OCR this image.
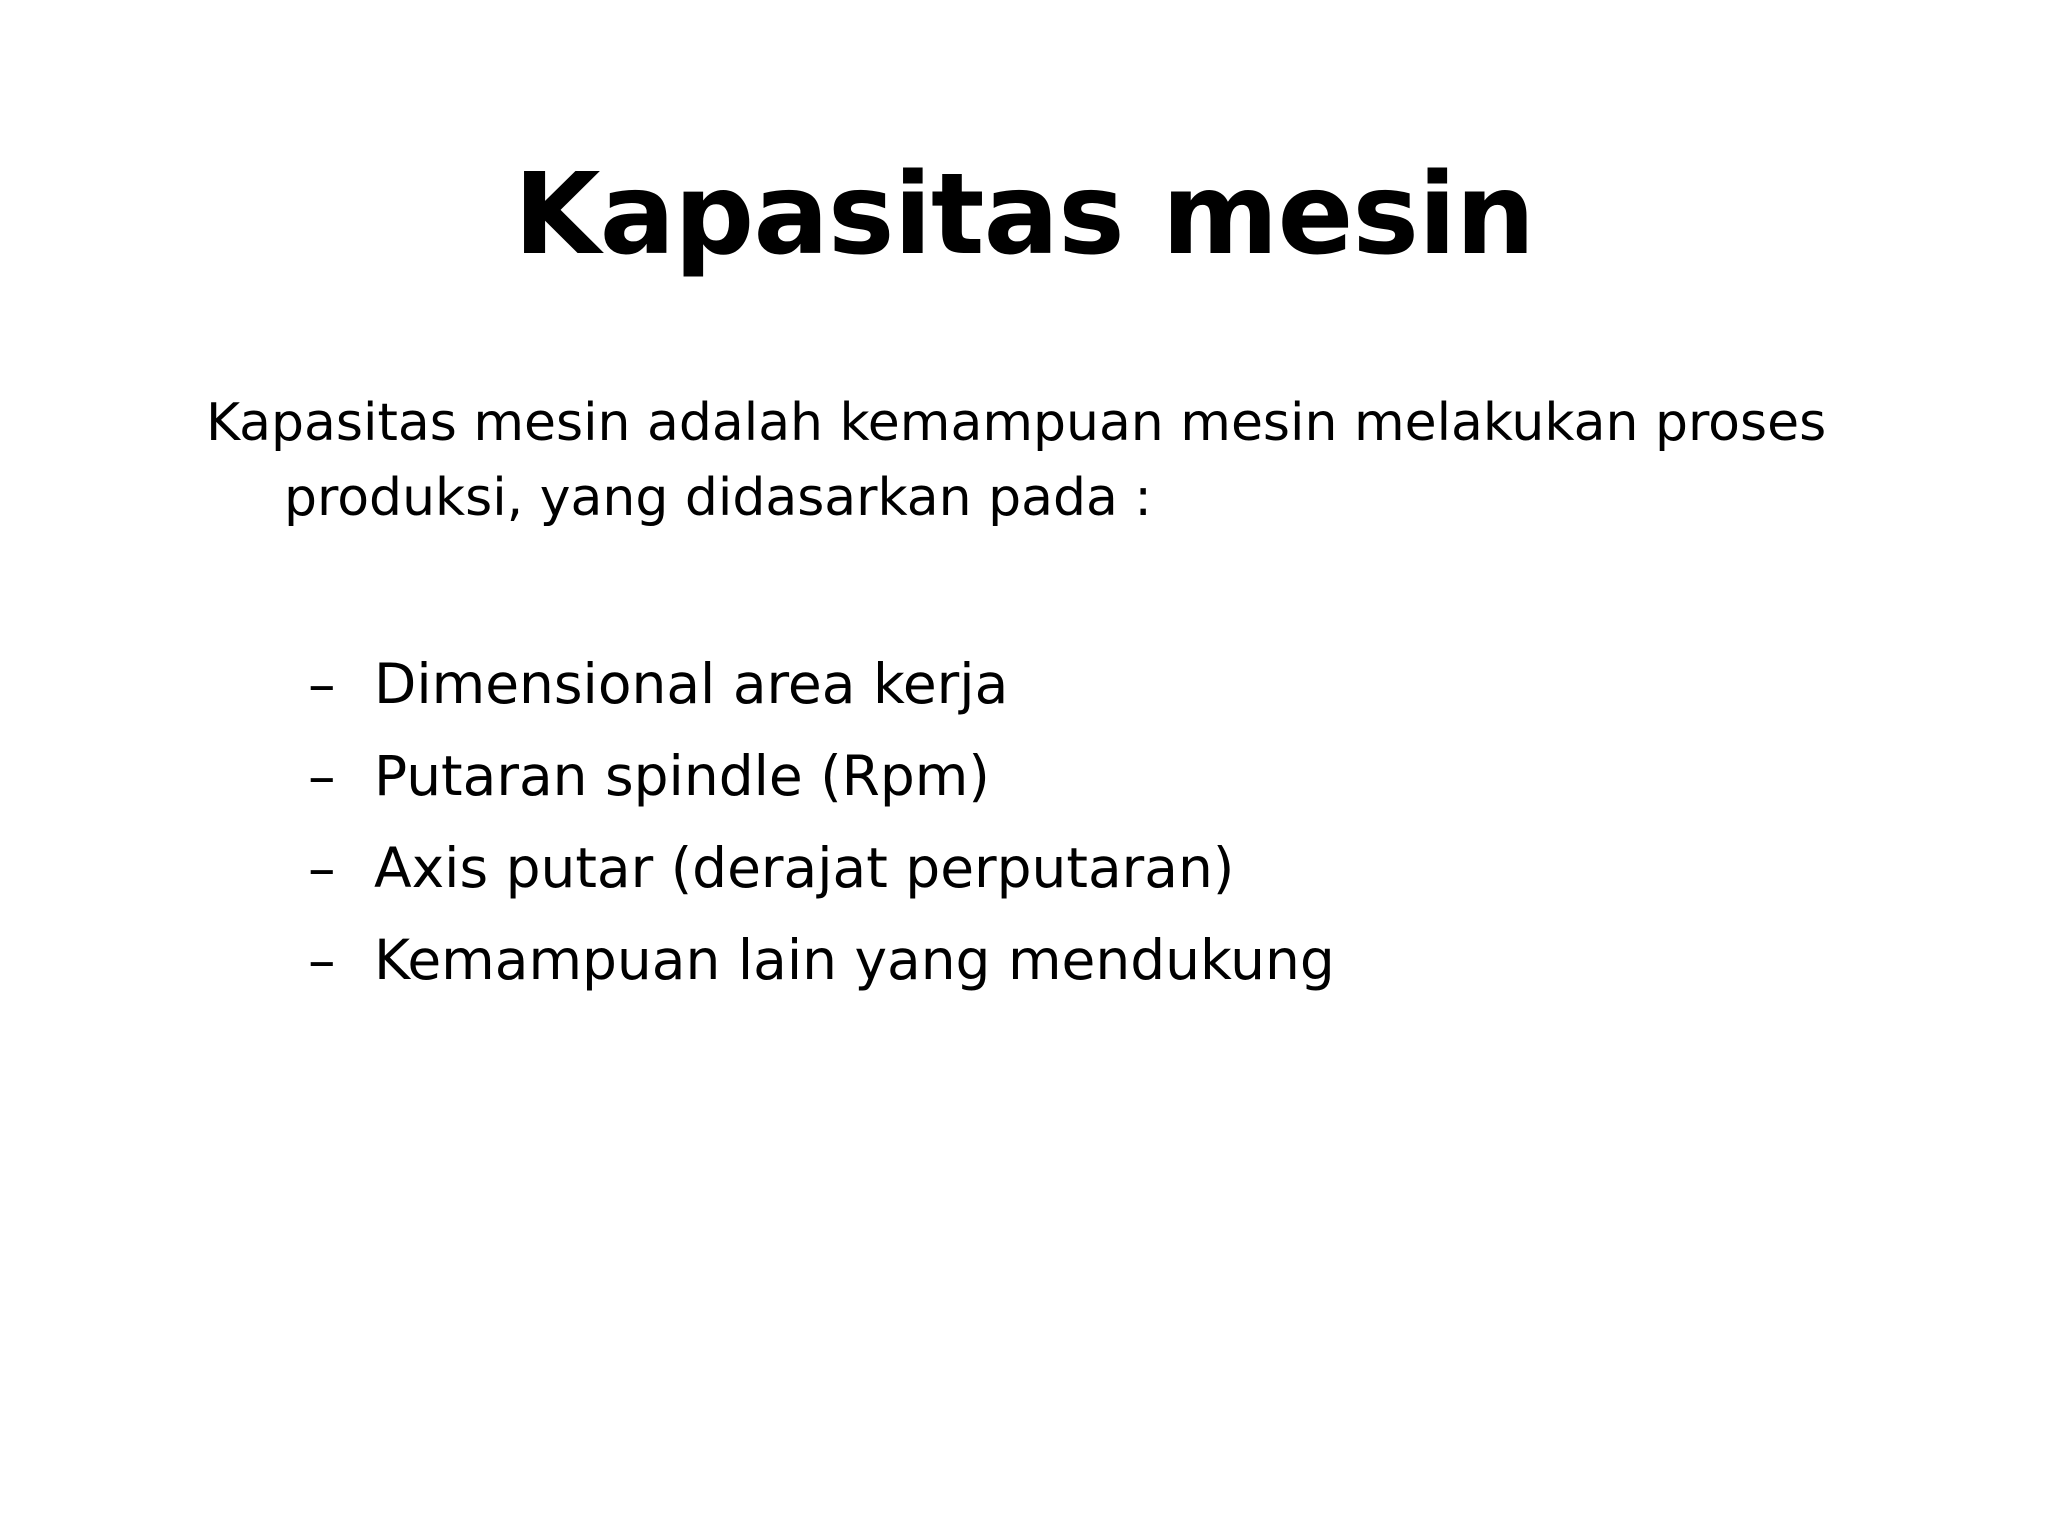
Kapasitas mesin

Kapasitas mesin adalah kemampuan mesin melakukan proses produksi, yang didasarkan pada :

– Dimensional area kerja
– Putaran spindle (Rpm)
– Axis putar (derajat perputaran)
– Kemampuan lain yang mendukung
